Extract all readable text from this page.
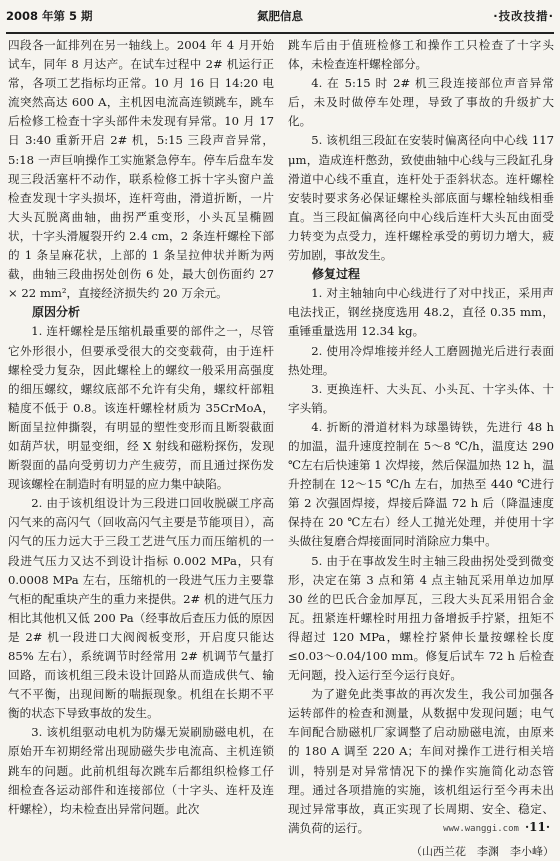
2008 年第 5 期	氮肥信息	·技改技措·

四段各一缸排列在另一轴线上。2004 年 4 月开始试车，同年 8 月达产。在试车过程中 2# 机运行正常，各项工艺指标均正常。10 月 16 日 14:20 电流突然高达 600 A，主机因电流高连锁跳车，跳车后检修工检查十字头部件未发现有异常。10 月 17 日 3:40 重新开启 2# 机，5:15 三段声音异常，5:18 一声巨响操作工实施紧急停车。停车后盘车发现三段活塞杆不动作，联系检修工拆十字头窗户盖检查发现十字头损坏，连杆弯曲，滑道折断，一片大头瓦脱离曲轴，曲拐严重变形，小头瓦呈椭圆状，十字头滑履裂开约 2.4 cm，2 条连杆螺栓下部的 1 条呈麻花状，上部的 1 条呈拉伸状并断为两截，曲轴三段曲拐处创伤 6 处，最大创伤面约 27 × 22 mm²，直接经济损失约 20 万余元。

原因分析

1. 连杆螺栓是压缩机最重要的部件之一，尽管它外形很小，但要承受很大的交变载荷，由于连杆螺栓受力复杂，因此螺栓上的螺纹一般采用高强度的细压螺纹，螺纹底部不允许有尖角，螺纹杆部粗糙度不低于 0.8。该连杆螺栓材质为 35CrMoA，断面呈拉伸撕裂，有明显的塑性变形而且断裂截面如葫芦状，明显变细，经 X 射线和磁粉探伤，发现断裂面的晶向受剪切力产生疲劳，而且通过探伤发现该螺栓在制造时有明显的应力集中缺陷。

2. 由于该机组设计为三段进口回收脱碳工序高闪气来的高闪气（回收高闪气主要是节能项目），高闪气的压力远大于三段工艺进气压力而压缩机的一段进气压力又达不到设计指标 0.002 MPa，只有 0.0008 MPa 左右，压缩机的一段进气压力主要靠气柜的配重块产生的重力来提供。2# 机的进气压力相比其他机又低 200 Pa（经事故后查压力低的原因是 2# 机一段进口大阀阀板变形，开启度只能达 85% 左右），系统调节时经常用 2# 机调节气量打回路，而该机组三段未设计回路从而造成供气、输气不平衡，出现间断的喘振现象。机组在长期不平衡的状态下导致事故的发生。

3. 该机组驱动电机为防爆无炭刷励磁电机，在原始开车初期经常出现励磁失步电流高、主机连锁跳车的问题。此前机组每次跳车后都组织检修工仔细检查各运动部件和连接部位（十字头、连杆及连杆螺栓），均未检查出异常问题。此次

跳车后由于值班检修工和操作工只检查了十字头体，未检查连杆螺栓部分。

4. 在 5:15 时 2# 机三段连接部位声音异常后，未及时做停车处理，导致了事故的升级扩大化。

5. 该机组三段缸在安装时偏离径向中心线 117 μm，造成连杆憋劲，致使曲轴中心线与三段缸孔身滑道中心线不重直，连杆处于歪斜状态。连杆螺栓安装时要求务必保证螺栓头部底面与螺栓轴线相垂直。当三段缸偏离径向中心线后连杆大头瓦由面受力转变为点受力，连杆螺栓承受的剪切力增大，疲劳加剧，事故发生。

修复过程

1. 对主轴轴向中心线进行了对中找正，采用声电法找正，钢丝挠度选用 48.2，直径 0.35 mm，重锤重量选用 12.34 kg。

2. 使用冷焊堆接并经人工磨圆抛光后进行表面热处理。

3. 更换连杆、大头瓦、小头瓦、十字头体、十字头销。

4. 折断的滑道材料为球墨铸铁，先进行 48 h 的加温，温升速度控制在 5～8 ℃/h，温度达 290 ℃左右后快速第 1 次焊接，然后保温加热 12 h，温升控制在 12～15 ℃/h 左右，加热至 440 ℃进行第 2 次强固焊接，焊接后降温 72 h 后（降温速度保持在 20 ℃左右）经人工抛光处理，并使用十字头做往复磨合焊接面同时消除应力集中。

5. 由于在事故发生时主轴三段曲拐处受到微变形，决定在第 3 点和第 4 点主轴瓦采用单边加厚 30 丝的巴氏合金加厚瓦，三段大头瓦采用铝合金瓦。扭紧连杆螺栓时用扭力备增扳手拧紧，扭矩不得超过 120 MPa，螺栓拧紧伸长量按螺栓长度≤0.03～0.04/100 mm。修复后试车 72 h 后检查无问题，投入运行至今运行良好。

为了避免此类事故的再次发生，我公司加强各运转部件的检查和测量，从数据中发现问题；电气车间配合励磁机厂家调整了启动励磁电流，由原来的 180 A 调至 220 A；车间对操作工进行相关培训，特别是对异常情况下的操作实施简化动态管理。通过各项措施的实施，该机组运行至今再未出现过异常事故，真正实现了长周期、安全、稳定、满负荷的运行。

（山西兰花　李渊　李小峰）

www.wanggi.com ·11·
